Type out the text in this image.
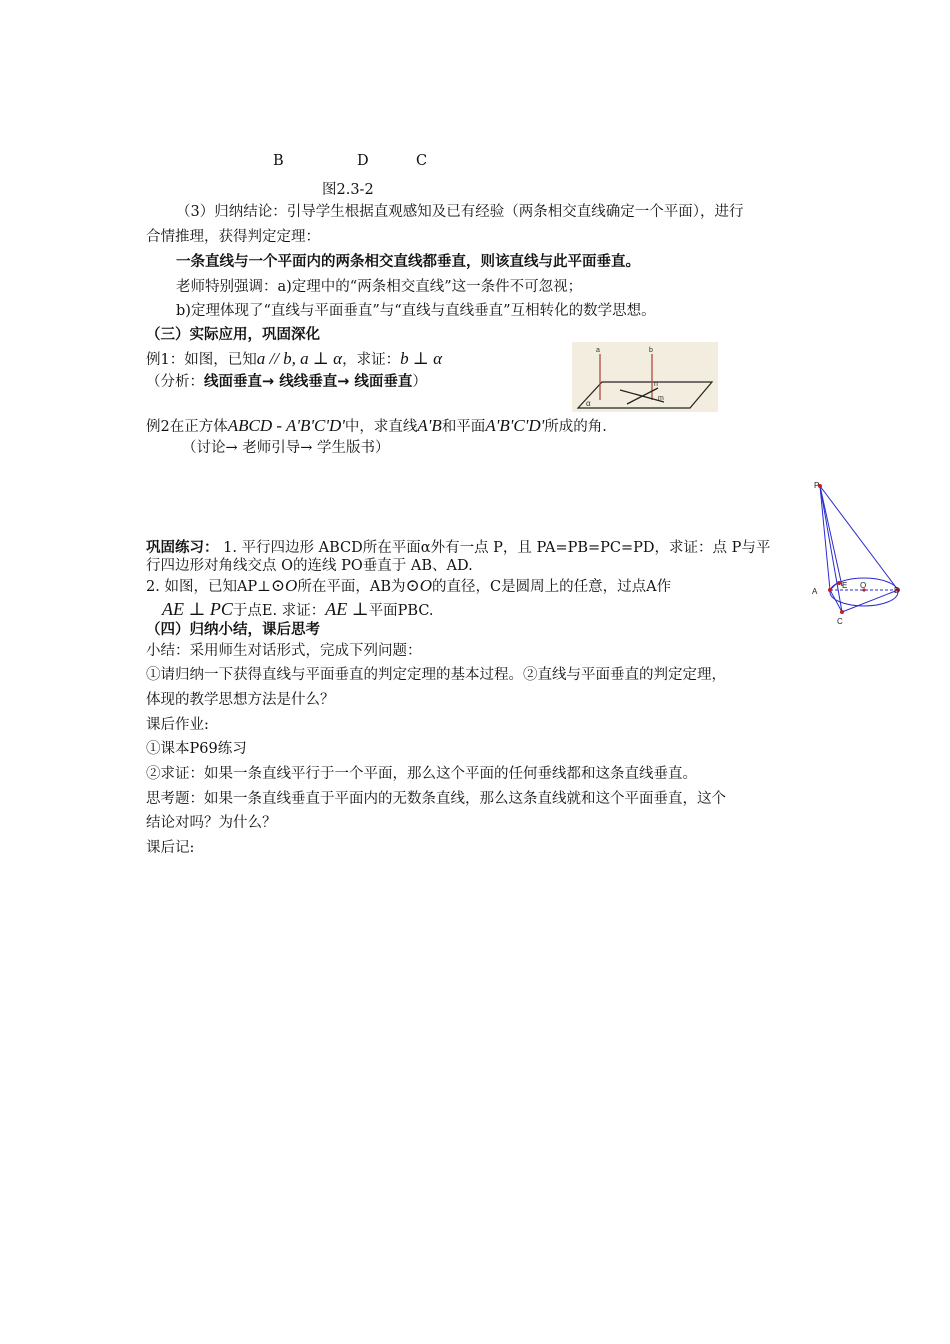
B	D	C
图2.3-2
（3）归纳结论：引导学生根据直观感知及已有经验（两条相交直线确定一个平面），进行
合情推理，获得判定定理：
一条直线与一个平面内的两条相交直线都垂直，则该直线与此平面垂直。
老师特别强调：a)定理中的“两条相交直线”这一条件不可忽视；
b)定理体现了“直线与平面垂直”与“直线与直线垂直”互相转化的数学思想。
（三）实际应用，巩固深化
例1：如图，已知a // b, a ⊥ α，求证：b ⊥ α
（分析：线面垂直→ 线线垂直→ 线面垂直）
a	b
n
m
α
例2在正方体ABCD - A'B'C'D'中，求直线A'B和平面A'B'C'D'所成的角.
（讨论→ 老师引导→ 学生版书）
巩固练习： 1. 平行四边形 ABCD所在平面α外有一点 P，且 PA=PB=PC=PD，求证：点 P与平
行四边形对角线交点 O的连线 PO垂直于 AB、AD.
2. 如图，已知AP⊥⊙O所在平面，AB为⊙O的直径，C是圆周上的任意，过点A作
AE ⊥ PC于点E. 求证：AE ⊥平面PBC.
P
A
E O
B
C
（四）归纳小结，课后思考
小结：采用师生对话形式，完成下列问题：
①请归纳一下获得直线与平面垂直的判定定理的基本过程。②直线与平面垂直的判定定理，
体现的教学思想方法是什么？
课后作业:
①课本P69练习
②求证：如果一条直线平行于一个平面，那么这个平面的任何垂线都和这条直线垂直。
思考题：如果一条直线垂直于平面内的无数条直线，那么这条直线就和这个平面垂直，这个
结论对吗？为什么？
课后记:
